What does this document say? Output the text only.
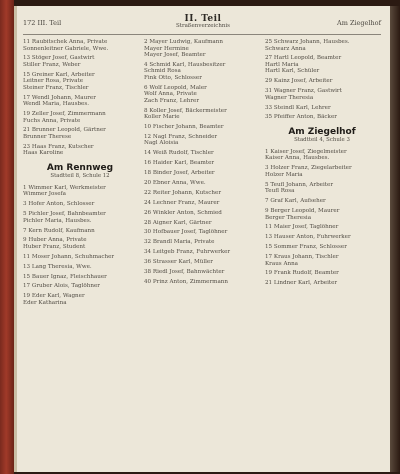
172 III. Teil	II. Teil
Straßenverzeichnis	Am Ziegelhof
11 Raubitschek Anna, Private
Sonnenleitner Gabriele, Wwe.
13 Stöger Josef, Gastwirt
Stiller Franz, Weber
15 Greiner Karl, Arbeiter
Leitner Rosa, Private
Steiner Franz, Tischler
17 Wendl Johann, Maurer
Wendl Maria, Hausbes.
19 Zeller Josef, Zimmermann
Fuchs Anna, Private
21 Brunner Leopold, Gärtner
Brunner Therese
23 Haas Franz, Kutscher
Haas Karoline
Am Rennweg
Stadtteil 8, Schule 12
1 Wimmer Karl, Werkmeister
Wimmer Josefa
3 Hofer Anton, Schlosser
5 Pichler Josef, Bahnbeamter
Pichler Maria, Hausbes.
7 Kern Rudolf, Kaufmann
9 Huber Anna, Private
Huber Franz, Student
11 Moser Johann, Schuhmacher
13 Lang Theresia, Wwe.
15 Bauer Ignaz, Fleischhauer
17 Gruber Alois, Taglöhner
19 Eder Karl, Wagner
Eder Katharina
2 Mayer Ludwig, Kaufmann
Mayer Hermine
Mayer Josef, Beamter
4 Schmid Karl, Hausbesitzer
Schmid Rosa
Fink Otto, Schlosser
6 Wolf Leopold, Maler
Wolf Anna, Private
Zach Franz, Lehrer
8 Koller Josef, Bäckermeister
Koller Marie
10 Fischer Johann, Beamter
12 Nagl Franz, Schneider
Nagl Aloisia
14 Weiß Rudolf, Tischler
16 Haider Karl, Beamter
18 Binder Josef, Arbeiter
20 Ebner Anna, Wwe.
22 Reiter Johann, Kutscher
24 Lechner Franz, Maurer
26 Winkler Anton, Schmied
28 Aigner Karl, Gärtner
30 Hofbauer Josef, Taglöhner
32 Brandl Maria, Private
34 Leitgeb Franz, Fuhrwerker
36 Strasser Karl, Müller
38 Riedl Josef, Bahnwächter
40 Prinz Anton, Zimmermann
25 Schwarz Johann, Hausbes.
Schwarz Anna
27 Hartl Leopold, Beamter
Hartl Maria
Hartl Karl, Schüler
29 Kainz Josef, Arbeiter
31 Wagner Franz, Gastwirt
Wagner Theresia
33 Steindl Karl, Lehrer
35 Pfeiffer Anton, Bäcker
Am Ziegelhof
Stadtteil 4, Schule 3
1 Kaiser Josef, Ziegelmeister
Kaiser Anna, Hausbes.
3 Holzer Franz, Ziegelarbeiter
Holzer Maria
5 Teufl Johann, Arbeiter
Teufl Rosa
7 Graf Karl, Aufseher
9 Berger Leopold, Maurer
Berger Theresia
11 Maier Josef, Taglöhner
13 Hauser Anton, Fuhrwerker
15 Sommer Franz, Schlosser
17 Kraus Johann, Tischler
Kraus Anna
19 Frank Rudolf, Beamter
21 Lindner Karl, Arbeiter
